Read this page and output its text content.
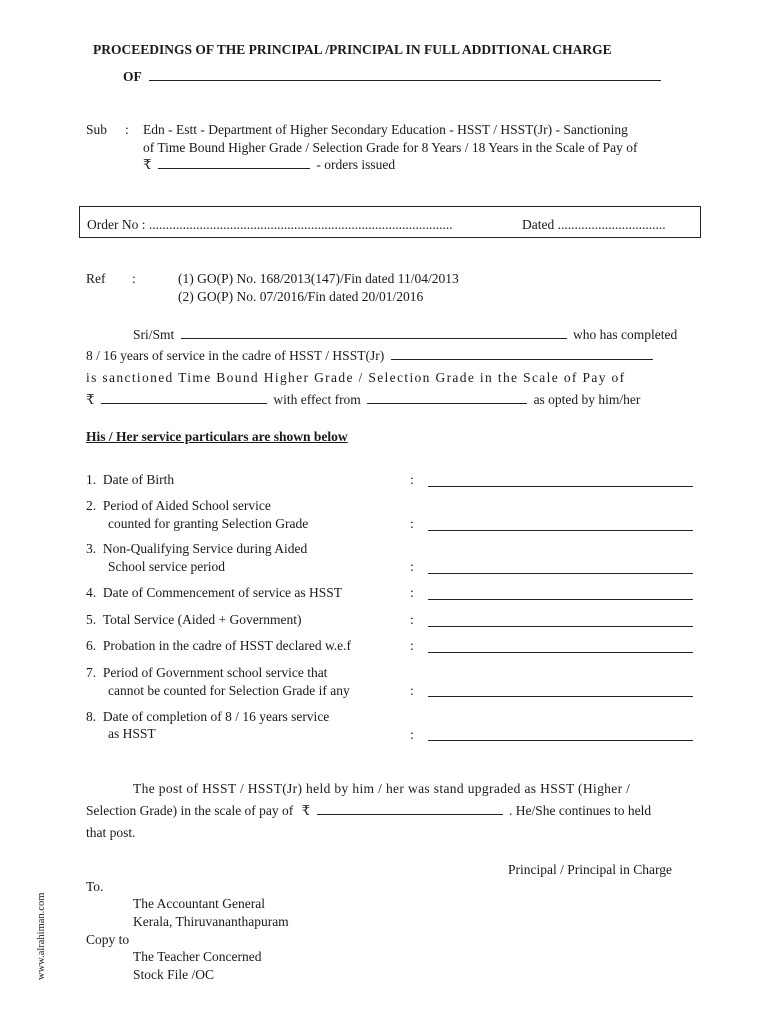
PROCEEDINGS OF THE PRINCIPAL /PRINCIPAL IN FULL ADDITIONAL CHARGE
OF
Sub : Edn - Estt - Department of Higher Secondary Education - HSST / HSST(Jr) - Sanctioning
of Time Bound Higher Grade / Selection Grade for 8 Years / 18 Years in the Scale of Pay of
₹	- orders issued
Order No : ..........................................................................................	Dated ................................
Ref :	(1) GO(P) No. 168/2013(147)/Fin dated 11/04/2013
(2) GO(P) No. 07/2016/Fin dated 20/01/2016
Sri/Smt	who has completed
8 / 16 years of service in the cadre of HSST / HSST(Jr)
is sanctioned Time Bound Higher Grade / Selection Grade in the Scale of Pay of
₹	with effect from	as opted by him/her
His / Her service particulars are shown below
1. Date of Birth	:
2. Period of Aided School service
counted for granting Selection Grade	:
3. Non-Qualifying Service during Aided
School service period	:
4. Date of Commencement of service as HSST	:
5. Total Service (Aided + Government)	:
6. Probation in the cadre of HSST declared w.e.f	:
7. Period of Government school service that
cannot be counted for Selection Grade if any	:
8. Date of completion of 8 / 16 years service
as HSST	:
The post of HSST / HSST(Jr) held by him / her was stand upgraded as HSST (Higher /
Selection Grade) in the scale of pay of ₹	. He/She continues to held
that post.
Principal / Principal in Charge
To.
The Accountant General
Kerala, Thiruvananthapuram
Copy to
The Teacher Concerned
Stock File /OC
www.alrahiman.com
